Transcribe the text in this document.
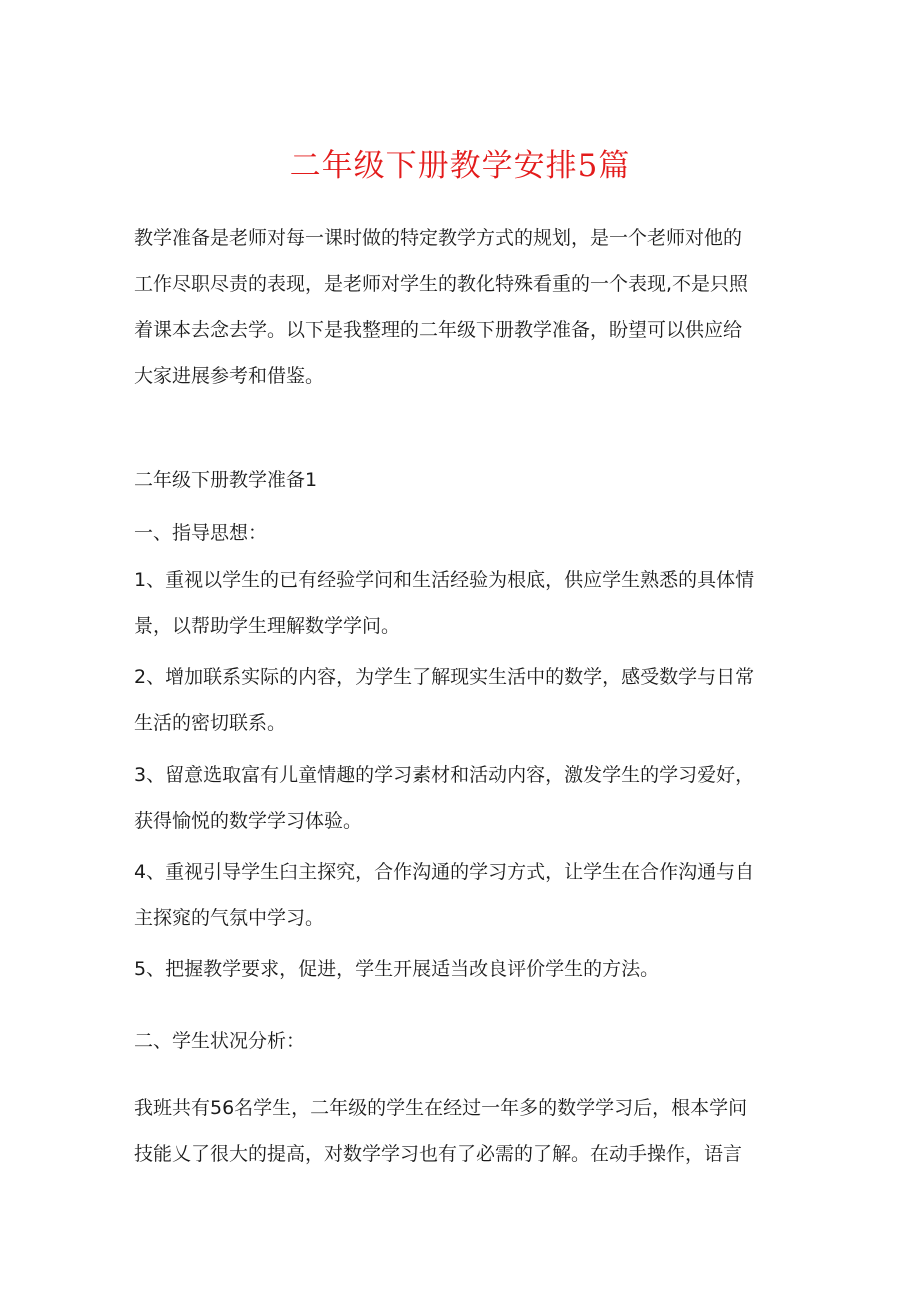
二年级下册教学安排5篇

教学准备是老师对每一课时做的特定教学方式的规划，是一个老师对他的
工作尽职尽责的表现，是老师对学生的教化特殊看重的一个表现,不是只照
着课本去念去学。以下是我整理的二年级下册教学准备，盼望可以供应给
大家进展参考和借鉴。

二年级下册教学准备1

一、指导思想：

1、重视以学生的已有经验学问和生活经验为根底，供应学生熟悉的具体情
景，以帮助学生理解数学学问。

2、增加联系实际的内容，为学生了解现实生活中的数学，感受数学与日常
生活的密切联系。

3、留意选取富有儿童情趣的学习素材和活动内容，激发学生的学习爱好，
获得愉悦的数学学习体验。

4、重视引导学生臼主探究，合作沟通的学习方式，让学生在合作沟通与自
主探窕的气氛中学习。

5、把握教学要求，促进，学生开展适当改良评价学生的方法。

二、学生状况分析：

我班共有56名学生，二年级的学生在经过一年多的数学学习后，根本学问
技能乂了很大的提高，对数学学习也有了必需的了解。在动手操作，语言
